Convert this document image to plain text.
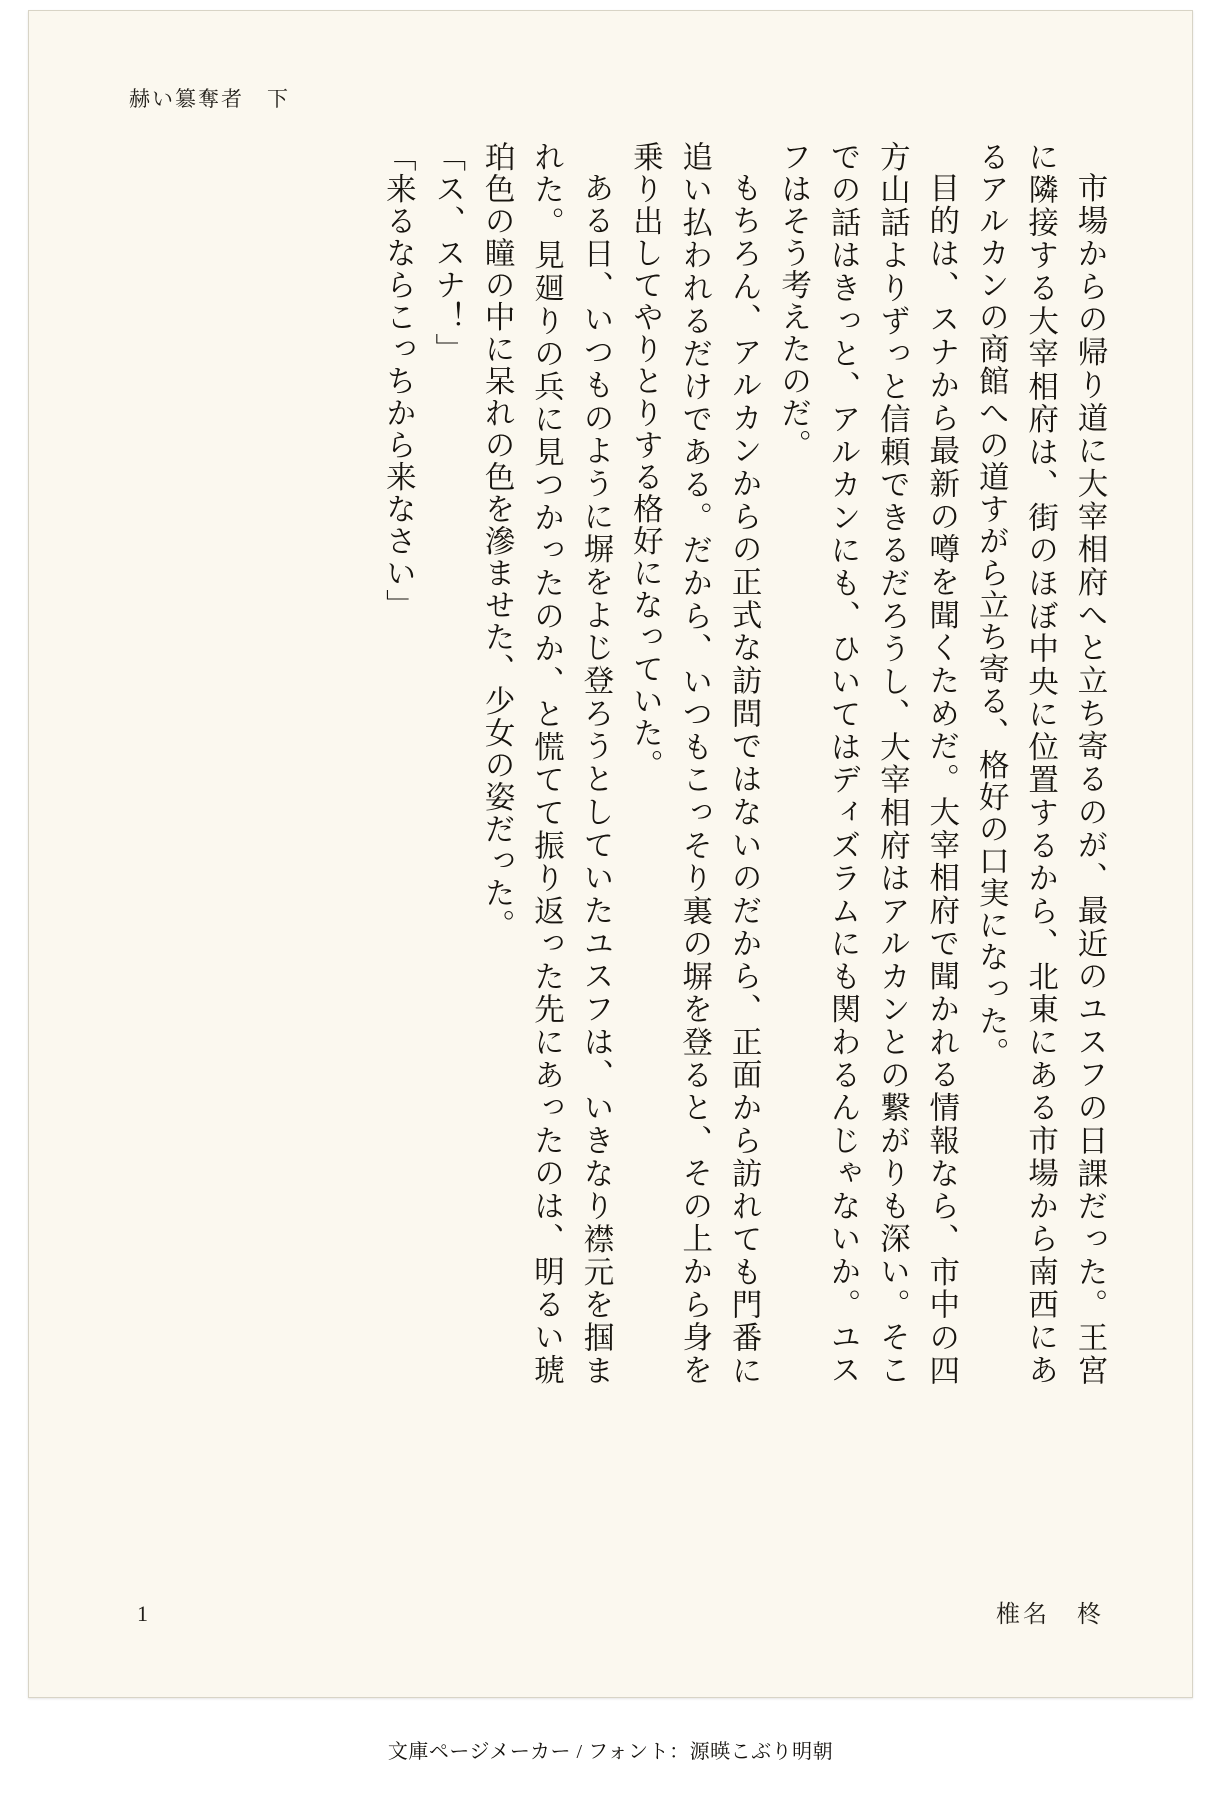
赫い簒奪者　下

市場からの帰り道に大宰相府へと立ち寄るのが、最近のユスフの日課だった。王宮に隣接する大宰相府は、街のほぼ中央に位置するから、北東にある市場から南西にあるアルカンの商館への道すがら立ち寄る、格好の口実になった。

目的は、スナから最新の噂を聞くためだ。大宰相府で聞かれる情報なら、市中の四方山話よりずっと信頼できるだろうし、大宰相府はアルカンとの繋がりも深い。そこでの話はきっと、アルカンにも、ひいてはディズラムにも関わるんじゃないか。ユスフはそう考えたのだ。

もちろん、アルカンからの正式な訪問ではないのだから、正面から訪れても門番に追い払われるだけである。だから、いつもこっそり裏の塀を登ると、その上から身を乗り出してやりとりする格好になっていた。

ある日、いつものように塀をよじ登ろうとしていたユスフは、いきなり襟元を掴まれた。見廻りの兵に見つかったのか、と慌てて振り返った先にあったのは、明るい琥珀色の瞳の中に呆れの色を滲ませた、少女の姿だった。

「ス、スナ！」

「来るならこっちから来なさい」

1	椎名　柊
文庫ページメーカー / フォント：源暎こぶり明朝
